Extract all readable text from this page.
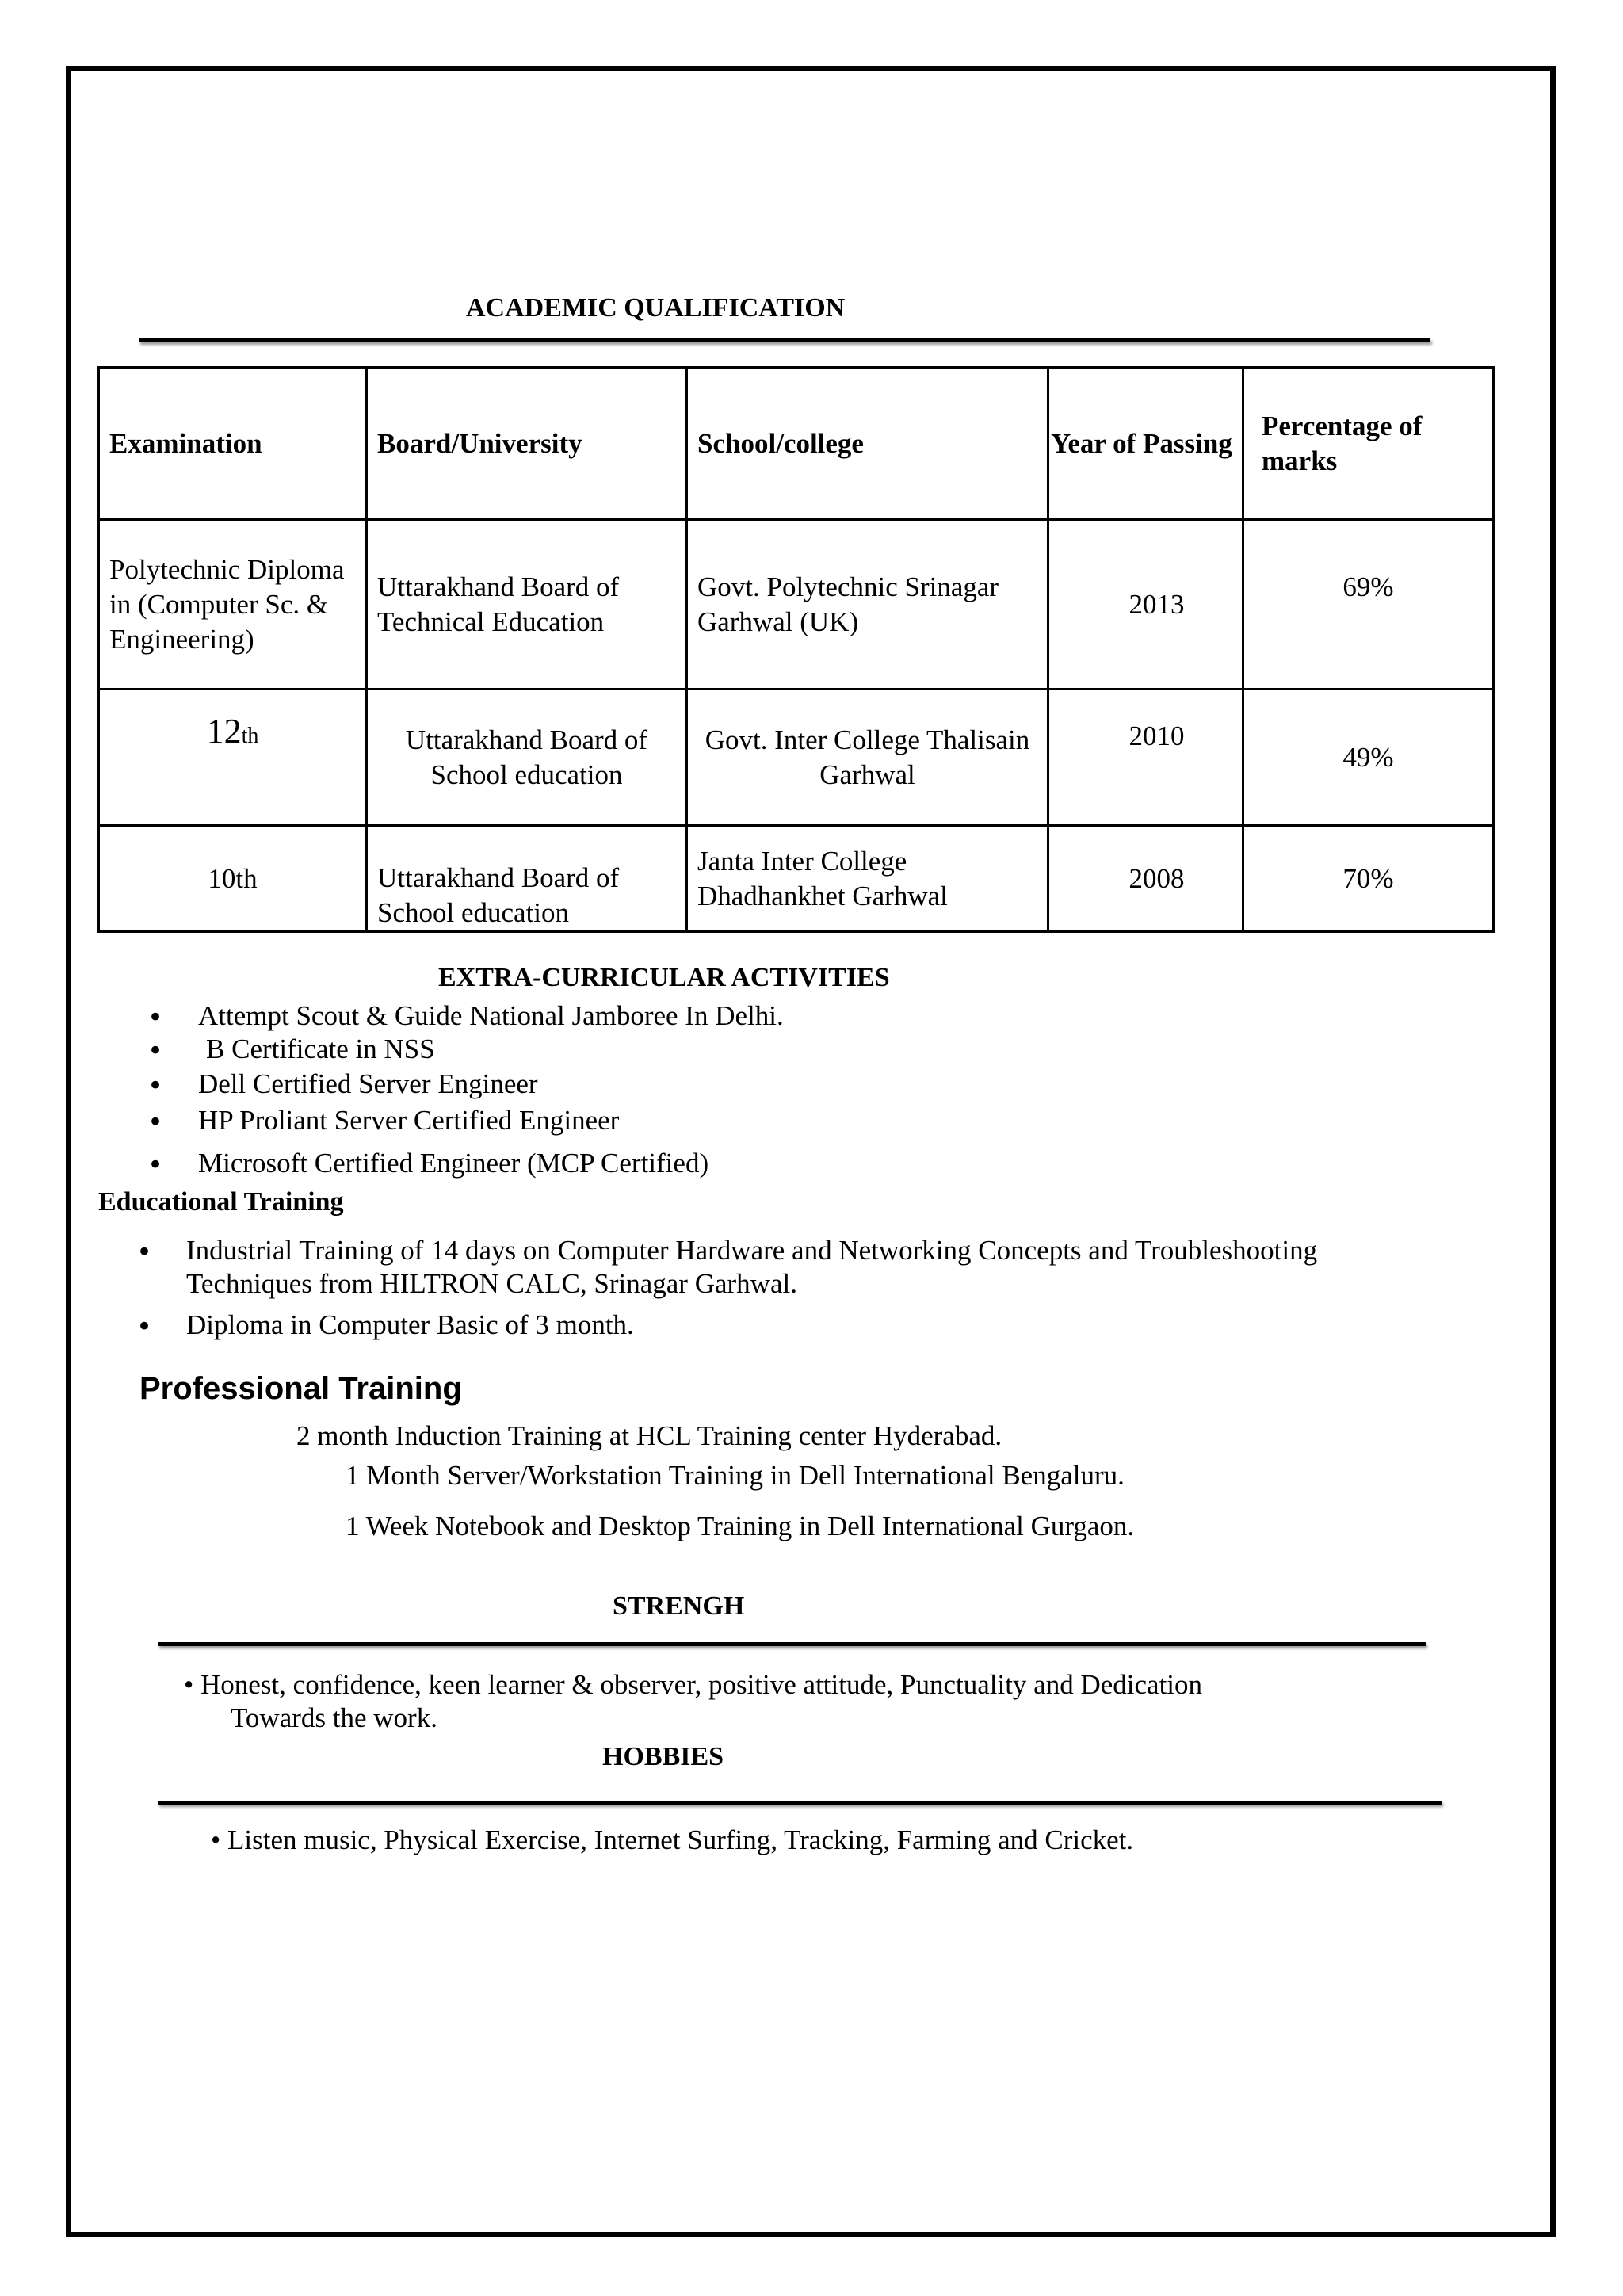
ACADEMIC QUALIFICATION
Examination	Board/University	School/college	Year of Passing	Percentage of marks
Polytechnic Diploma in (Computer Sc. & Engineering)	Uttarakhand Board of Technical Education	Govt. Polytechnic Srinagar Garhwal (UK)	2013	69%
12th	Uttarakhand Board of School education	Govt. Inter College Thalisain Garhwal	2010	49%
10th	Uttarakhand Board of School education	Janta Inter College Dhadhankhet Garhwal	2008	70%
EXTRA-CURRICULAR ACTIVITIES
• Attempt Scout & Guide National Jamboree In Delhi.
• B Certificate in NSS
• Dell Certified Server Engineer
• HP Proliant Server Certified Engineer
• Microsoft Certified Engineer (MCP Certified)
Educational Training
• Industrial Training of 14 days on Computer Hardware and Networking Concepts and Troubleshooting
Techniques from HILTRON CALC, Srinagar Garhwal.
• Diploma in Computer Basic of 3 month.
Professional Training
2 month Induction Training at HCL Training center Hyderabad.
1 Month Server/Workstation Training in Dell International Bengaluru.
1 Week Notebook and Desktop Training in Dell International Gurgaon.
STRENGH
• Honest, confidence, keen learner & observer, positive attitude, Punctuality and Dedication
Towards the work.
HOBBIES
• Listen music, Physical Exercise, Internet Surfing, Tracking, Farming and Cricket.
